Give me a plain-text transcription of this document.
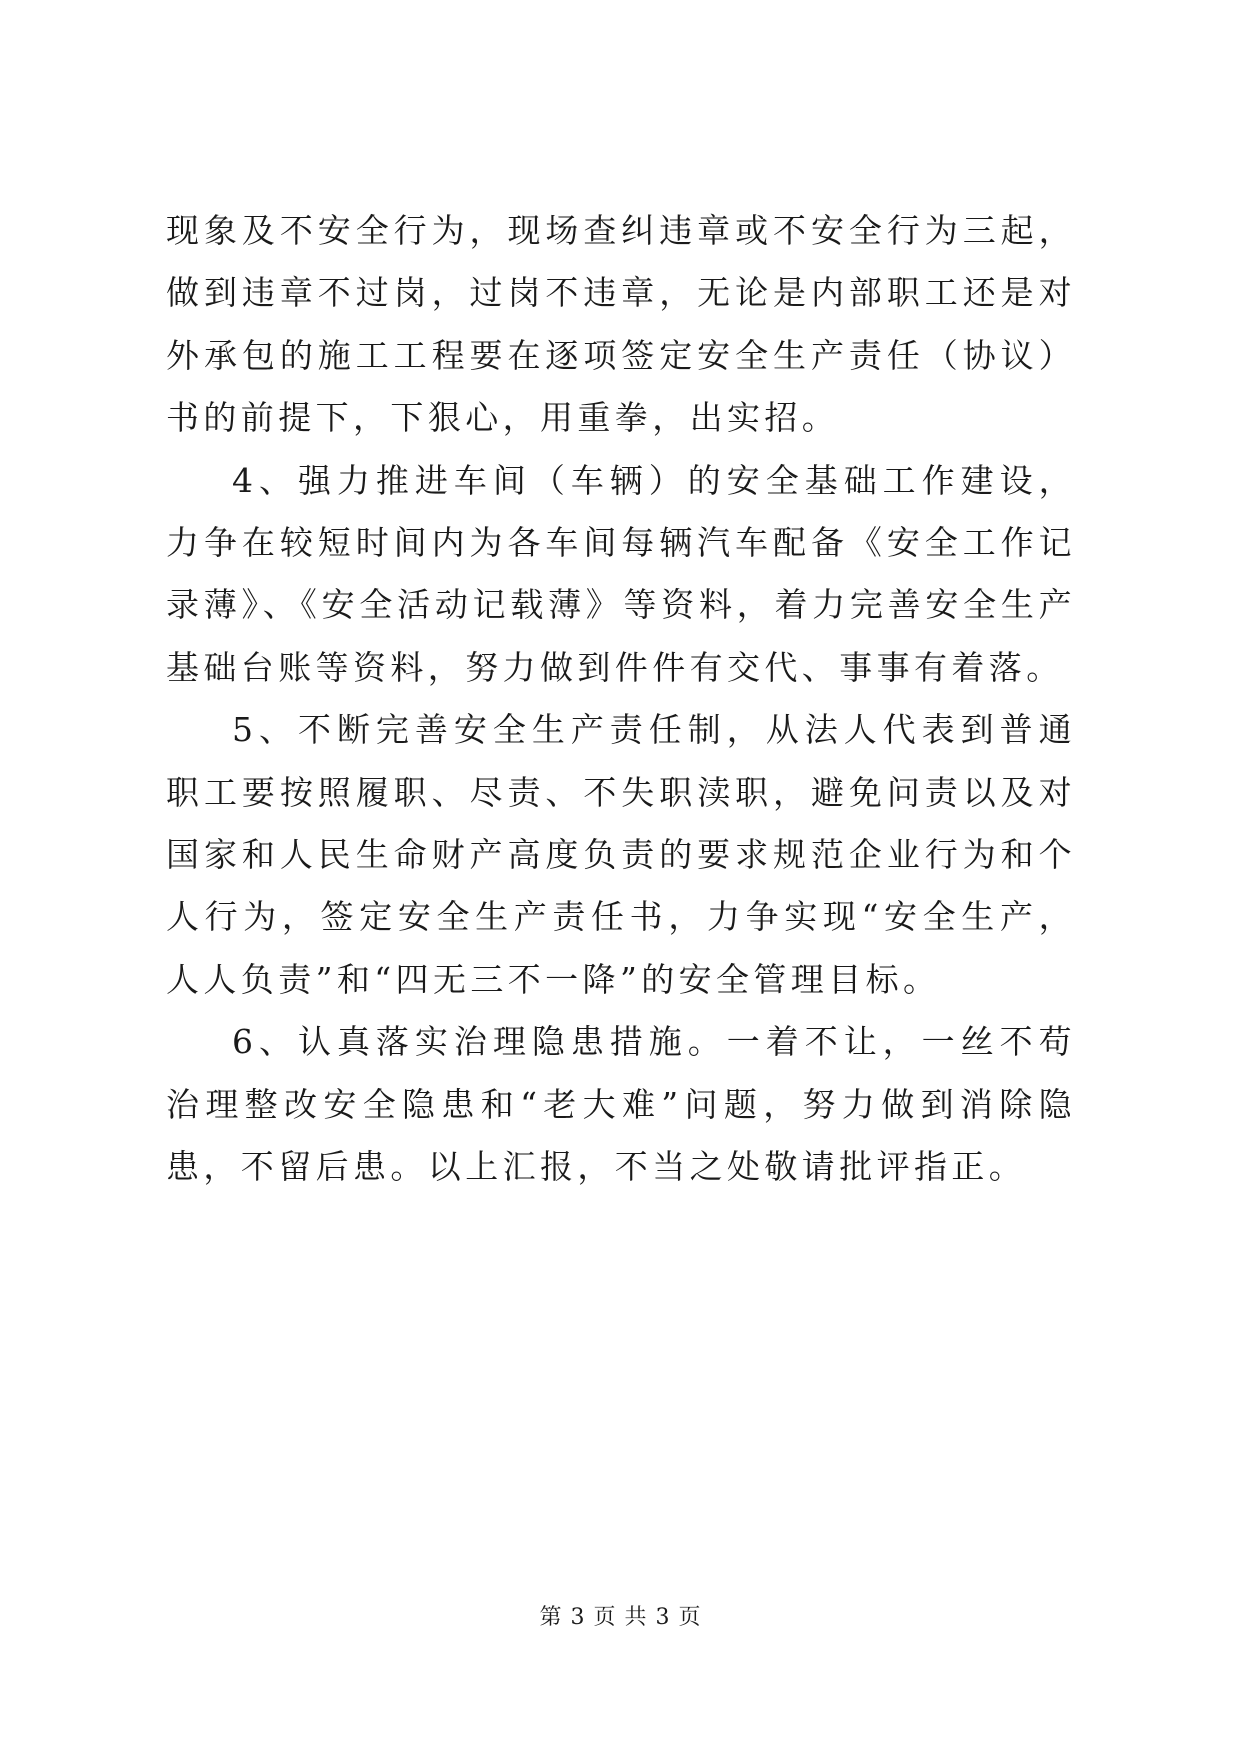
现象及不安全行为，现场查纠违章或不安全行为三起，做到违章不过岗，过岗不违章，无论是内部职工还是对外承包的施工工程要在逐项签定安全生产责任（协议）书的前提下，下狠心，用重拳，出实招。

4、强力推进车间（车辆）的安全基础工作建设，力争在较短时间内为各车间每辆汽车配备《安全工作记录薄》、《安全活动记载薄》等资料，着力完善安全生产基础台账等资料，努力做到件件有交代、事事有着落。

5、不断完善安全生产责任制，从法人代表到普通职工要按照履职、尽责、不失职渎职，避免问责以及对国家和人民生命财产高度负责的要求规范企业行为和个人行为，签定安全生产责任书，力争实现“安全生产，人人负责”和“四无三不一降”的安全管理目标。

6、认真落实治理隐患措施。一着不让，一丝不苟治理整改安全隐患和“老大难”问题，努力做到消除隐患，不留后患。以上汇报，不当之处敬请批评指正。

第 3 页 共 3 页
